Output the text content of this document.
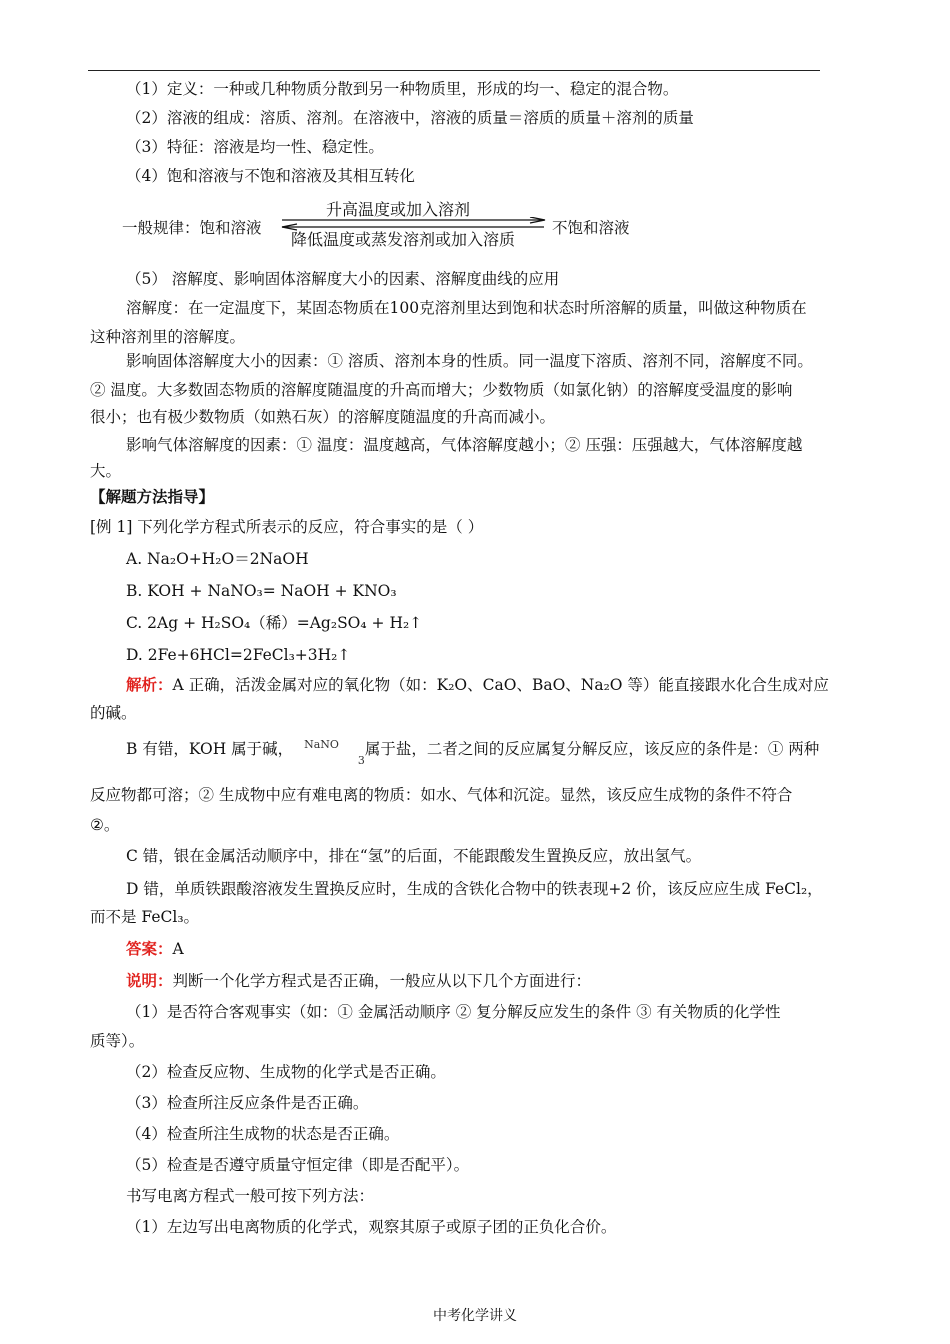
（1）定义：一种或几种物质分散到另一种物质里，形成的均一、稳定的混合物。
（2）溶液的组成：溶质、溶剂。在溶液中，溶液的质量＝溶质的质量＋溶剂的质量
（3）特征：溶液是均一性、稳定性。
（4）饱和溶液与不饱和溶液及其相互转化
一般规律：饱和溶液
升高温度或加入溶剂
降低温度或蒸发溶剂或加入溶质
不饱和溶液
（5） 溶解度、影响固体溶解度大小的因素、溶解度曲线的应用
溶解度：在一定温度下，某固态物质在100克溶剂里达到饱和状态时所溶解的质量，叫做这种物质在
这种溶剂里的溶解度。
影响固体溶解度大小的因素：① 溶质、溶剂本身的性质。同一温度下溶质、溶剂不同，溶解度不同。
② 温度。大多数固态物质的溶解度随温度的升高而增大；少数物质（如氯化钠）的溶解度受温度的影响
很小；也有极少数物质（如熟石灰）的溶解度随温度的升高而减小。
影响气体溶解度的因素：① 温度：温度越高，气体溶解度越小；② 压强：压强越大，气体溶解度越
大。
【解题方法指导】
[例 1] 下列化学方程式所表示的反应，符合事实的是（ ）
A. Na₂O+H₂O＝2NaOH
B. KOH + NaNO₃= NaOH + KNO₃
C. 2Ag + H₂SO₄（稀）=Ag₂SO₄ + H₂↑
D. 2Fe+6HCl=2FeCl₃+3H₂↑
解析：A 正确，活泼金属对应的氧化物（如：K₂O、CaO、BaO、Na₂O 等）能直接跟水化合生成对应
的碱。
B 有错，KOH 属于碱， $^{NaNO}$ $_3$属于盐，二者之间的反应属复分解反应，该反应的条件是：① 两种
反应物都可溶；② 生成物中应有难电离的物质：如水、气体和沉淀。显然，该反应生成物的条件不符合
②。
C 错，银在金属活动顺序中，排在“氢”的后面，不能跟酸发生置换反应，放出氢气。
D 错，单质铁跟酸溶液发生置换反应时，生成的含铁化合物中的铁表现+2 价，该反应应生成 FeCl₂，
而不是 FeCl₃。
答案：A
说明：判断一个化学方程式是否正确，一般应从以下几个方面进行：
（1）是否符合客观事实（如：① 金属活动顺序 ② 复分解反应发生的条件 ③ 有关物质的化学性
质等）。
（2）检查反应物、生成物的化学式是否正确。
（3）检查所注反应条件是否正确。
（4）检查所注生成物的状态是否正确。
（5）检查是否遵守质量守恒定律（即是否配平）。
书写电离方程式一般可按下列方法：
（1）左边写出电离物质的化学式，观察其原子或原子团的正负化合价。
中考化学讲义
